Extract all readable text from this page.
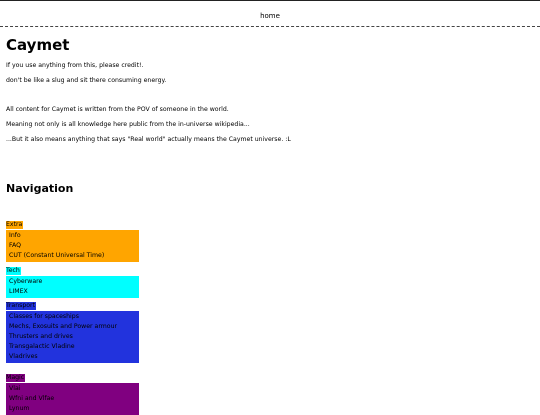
home
Caymet

If you use anything from this, please credit!.

don't be like a slug and sit there consuming energy.

All content for Caymet is written from the POV of someone in the world.

Meaning not only is all knowledge here public from the in-universe wikipedia...

...But it also means anything that says "Real world" actually means the Caymet universe. :L

Navigation
Extra
Info
FAQ
CUT (Constant Universal Time)
Tech
Cyberware
LIMEX
Transport
Classes for spaceships
Mechs, Exosuits and Power armour
Thrusters and drives
Transgalactic Vladine
Vladrives
Magic
Vlai
Wfni and Vlfae
Lynum
